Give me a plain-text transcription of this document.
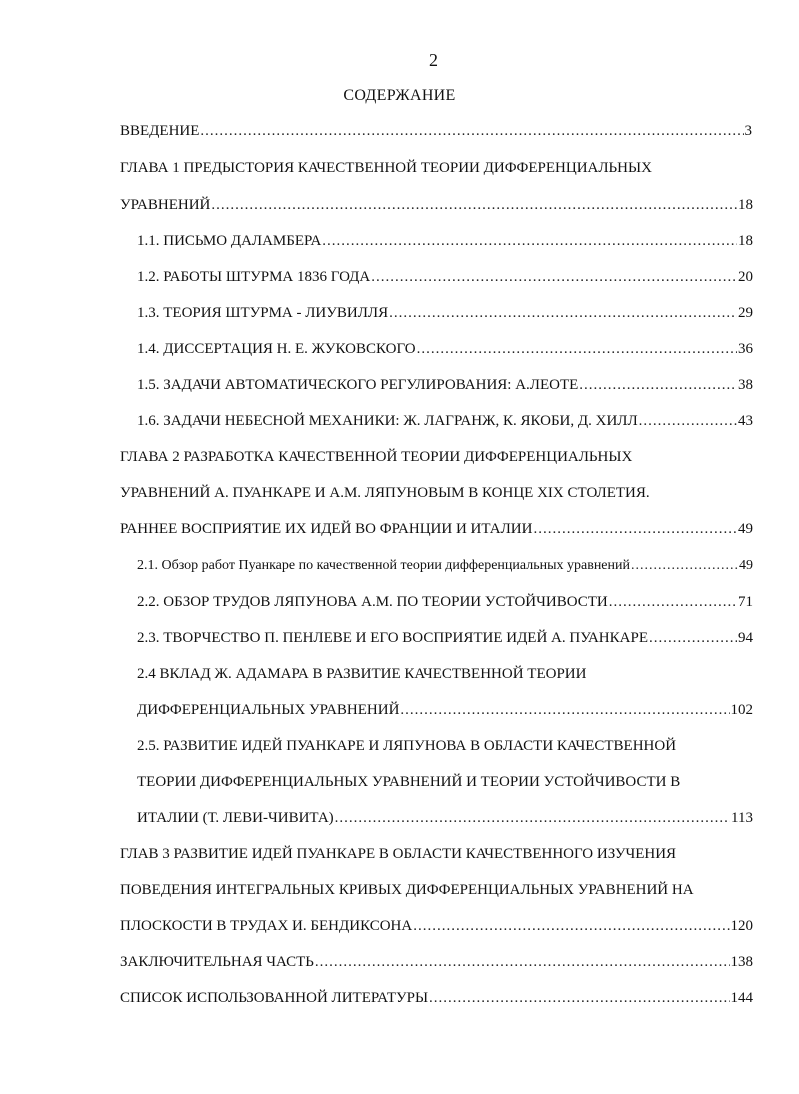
2
СОДЕРЖАНИЕ
ВВЕДЕНИЕ .....	3
ГЛАВА 1 ПРЕДЫСТОРИЯ КАЧЕСТВЕННОЙ ТЕОРИИ ДИФФЕРЕНЦИАЛЬНЫХ
УРАВНЕНИЙ .....	18
1.1. ПИСЬМО ДАЛАМБЕРА .....	18
1.2. РАБОТЫ ШТУРМА 1836 ГОДА .....	20
1.3. ТЕОРИЯ ШТУРМА - ЛИУВИЛЛЯ .....	29
1.4. ДИССЕРТАЦИЯ Н. Е. ЖУКОВСКОГО .....	36
1.5. ЗАДАЧИ АВТОМАТИЧЕСКОГО РЕГУЛИРОВАНИЯ: А.ЛЕОТЕ .....	38
1.6. ЗАДАЧИ НЕБЕСНОЙ МЕХАНИКИ: Ж. ЛАГРАНЖ, К. ЯКОБИ, Д. ХИЛЛ .....	43
ГЛАВА 2 РАЗРАБОТКА КАЧЕСТВЕННОЙ ТЕОРИИ ДИФФЕРЕНЦИАЛЬНЫХ
УРАВНЕНИЙ А. ПУАНКАРЕ И А.М. ЛЯПУНОВЫМ В КОНЦЕ XIX СТОЛЕТИЯ.
РАННЕЕ ВОСПРИЯТИЕ ИХ ИДЕЙ ВО ФРАНЦИИ И ИТАЛИИ .....	49
2.1. Обзор работ Пуанкаре по качественной теории дифференциальных уравнений .....	49
2.2. ОБЗОР ТРУДОВ ЛЯПУНОВА А.М. ПО ТЕОРИИ УСТОЙЧИВОСТИ .....	71
2.3. ТВОРЧЕСТВО П. ПЕНЛЕВЕ И ЕГО ВОСПРИЯТИЕ ИДЕЙ А. ПУАНКАРЕ .....	94
2.4 ВКЛАД Ж. АДАМАРА В РАЗВИТИЕ КАЧЕСТВЕННОЙ ТЕОРИИ
ДИФФЕРЕНЦИАЛЬНЫХ УРАВНЕНИЙ .....	102
2.5. РАЗВИТИЕ ИДЕЙ ПУАНКАРЕ И ЛЯПУНОВА В ОБЛАСТИ КАЧЕСТВЕННОЙ
ТЕОРИИ ДИФФЕРЕНЦИАЛЬНЫХ УРАВНЕНИЙ И ТЕОРИИ УСТОЙЧИВОСТИ В
ИТАЛИИ (Т. ЛЕВИ-ЧИВИТА) .....	113
ГЛАВ 3 РАЗВИТИЕ ИДЕЙ ПУАНКАРЕ В ОБЛАСТИ КАЧЕСТВЕННОГО ИЗУЧЕНИЯ
ПОВЕДЕНИЯ ИНТЕГРАЛЬНЫХ КРИВЫХ ДИФФЕРЕНЦИАЛЬНЫХ УРАВНЕНИЙ НА
ПЛОСКОСТИ В ТРУДАХ И. БЕНДИКСОНА .....	120
ЗАКЛЮЧИТЕЛЬНАЯ ЧАСТЬ .....	138
СПИСОК ИСПОЛЬЗОВАННОЙ ЛИТЕРАТУРЫ .....	144
